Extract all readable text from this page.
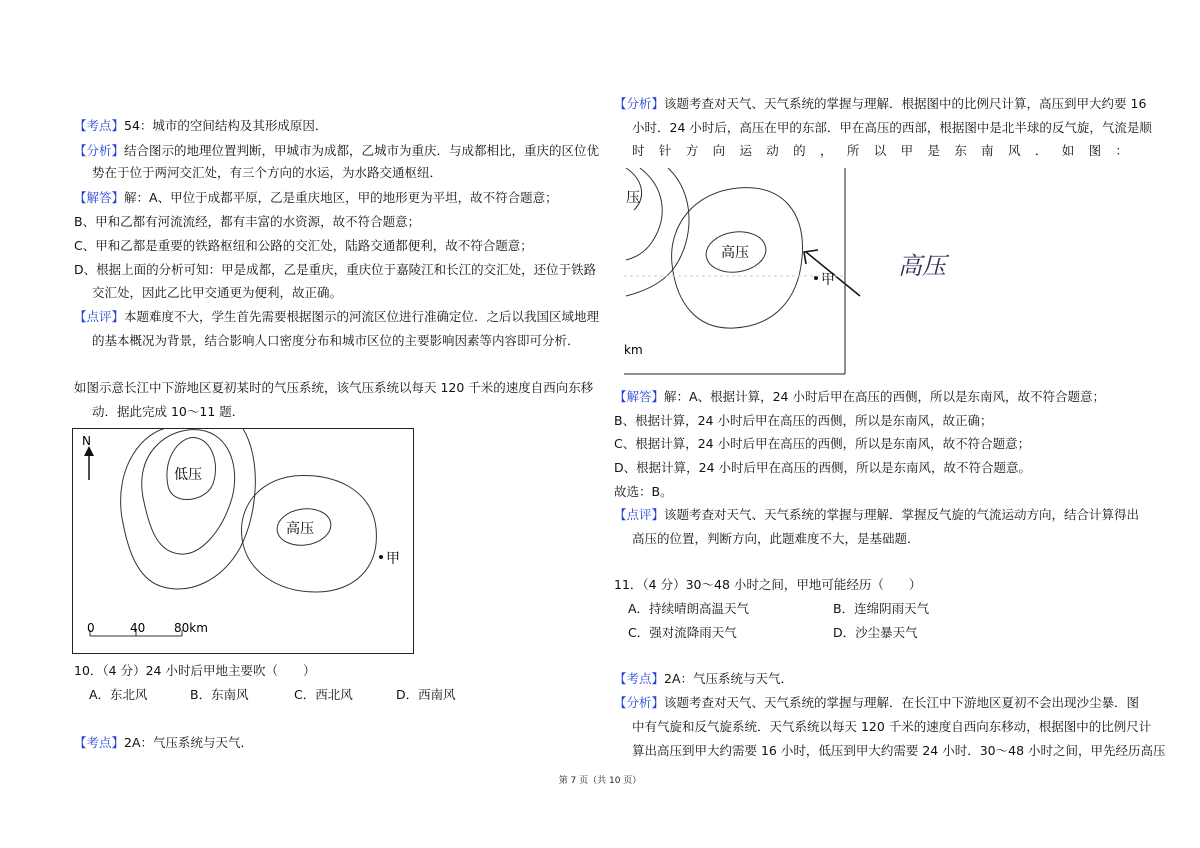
【考点】54：城市的空间结构及其形成原因．
【分析】结合图示的地理位置判断，甲城市为成都，乙城市为重庆．与成都相比，重庆的区位优
势在于位于两河交汇处，有三个方向的水运，为水路交通枢纽．
【解答】解：A、甲位于成都平原，乙是重庆地区，甲的地形更为平坦，故不符合题意；
B、甲和乙都有河流流经，都有丰富的水资源，故不符合题意；
C、甲和乙都是重要的铁路枢纽和公路的交汇处，陆路交通都便利，故不符合题意；
D、根据上面的分析可知：甲是成都，乙是重庆，重庆位于嘉陵江和长江的交汇处，还位于铁路
交汇处，因此乙比甲交通更为便利，故正确。
【点评】本题难度不大，学生首先需要根据图示的河流区位进行准确定位．之后以我国区域地理
的基本概况为背景，结合影响人口密度分布和城市区位的主要影响因素等内容即可分析．
如图示意长江中下游地区夏初某时的气压系统，该气压系统以每天 120 千米的速度自西向东移
动．据此完成 10～11 题．
N
低压
高压
甲
0	40 80km
10．（4 分）24 小时后甲地主要吹（　　）
A．东北风	B．东南风	C．西北风	D．西南风
【考点】2A：气压系统与天气．
【分析】该题考查对天气、天气系统的掌握与理解．根据图中的比例尺计算，高压到甲大约要 16
小时．24 小时后，高压在甲的东部．甲在高压的西部，根据图中是北半球的反气旋，气流是顺
时 针 方 向 运 动 的 ， 所 以 甲 是 东 南 风 ． 如 图 ：
压
高压
甲
km
高压
【解答】解：A、根据计算，24 小时后甲在高压的西侧，所以是东南风，故不符合题意；
B、根据计算，24 小时后甲在高压的西侧，所以是东南风，故正确；
C、根据计算，24 小时后甲在高压的西侧，所以是东南风，故不符合题意；
D、根据计算，24 小时后甲在高压的西侧，所以是东南风，故不符合题意。
故选：B。
【点评】该题考查对天气、天气系统的掌握与理解．掌握反气旋的气流运动方向，结合计算得出
高压的位置，判断方向，此题难度不大，是基础题．
11．（4 分）30～48 小时之间，甲地可能经历（　　）
A．持续晴朗高温天气	B．连绵阴雨天气
C．强对流降雨天气	D．沙尘暴天气
【考点】2A：气压系统与天气．
【分析】该题考查对天气、天气系统的掌握与理解．在长江中下游地区夏初不会出现沙尘暴．图
中有气旋和反气旋系统．天气系统以每天 120 千米的速度自西向东移动，根据图中的比例尺计
算出高压到甲大约需要 16 小时，低压到甲大约需要 24 小时．30～48 小时之间，甲先经历高压
第 7 页（共 10 页）
